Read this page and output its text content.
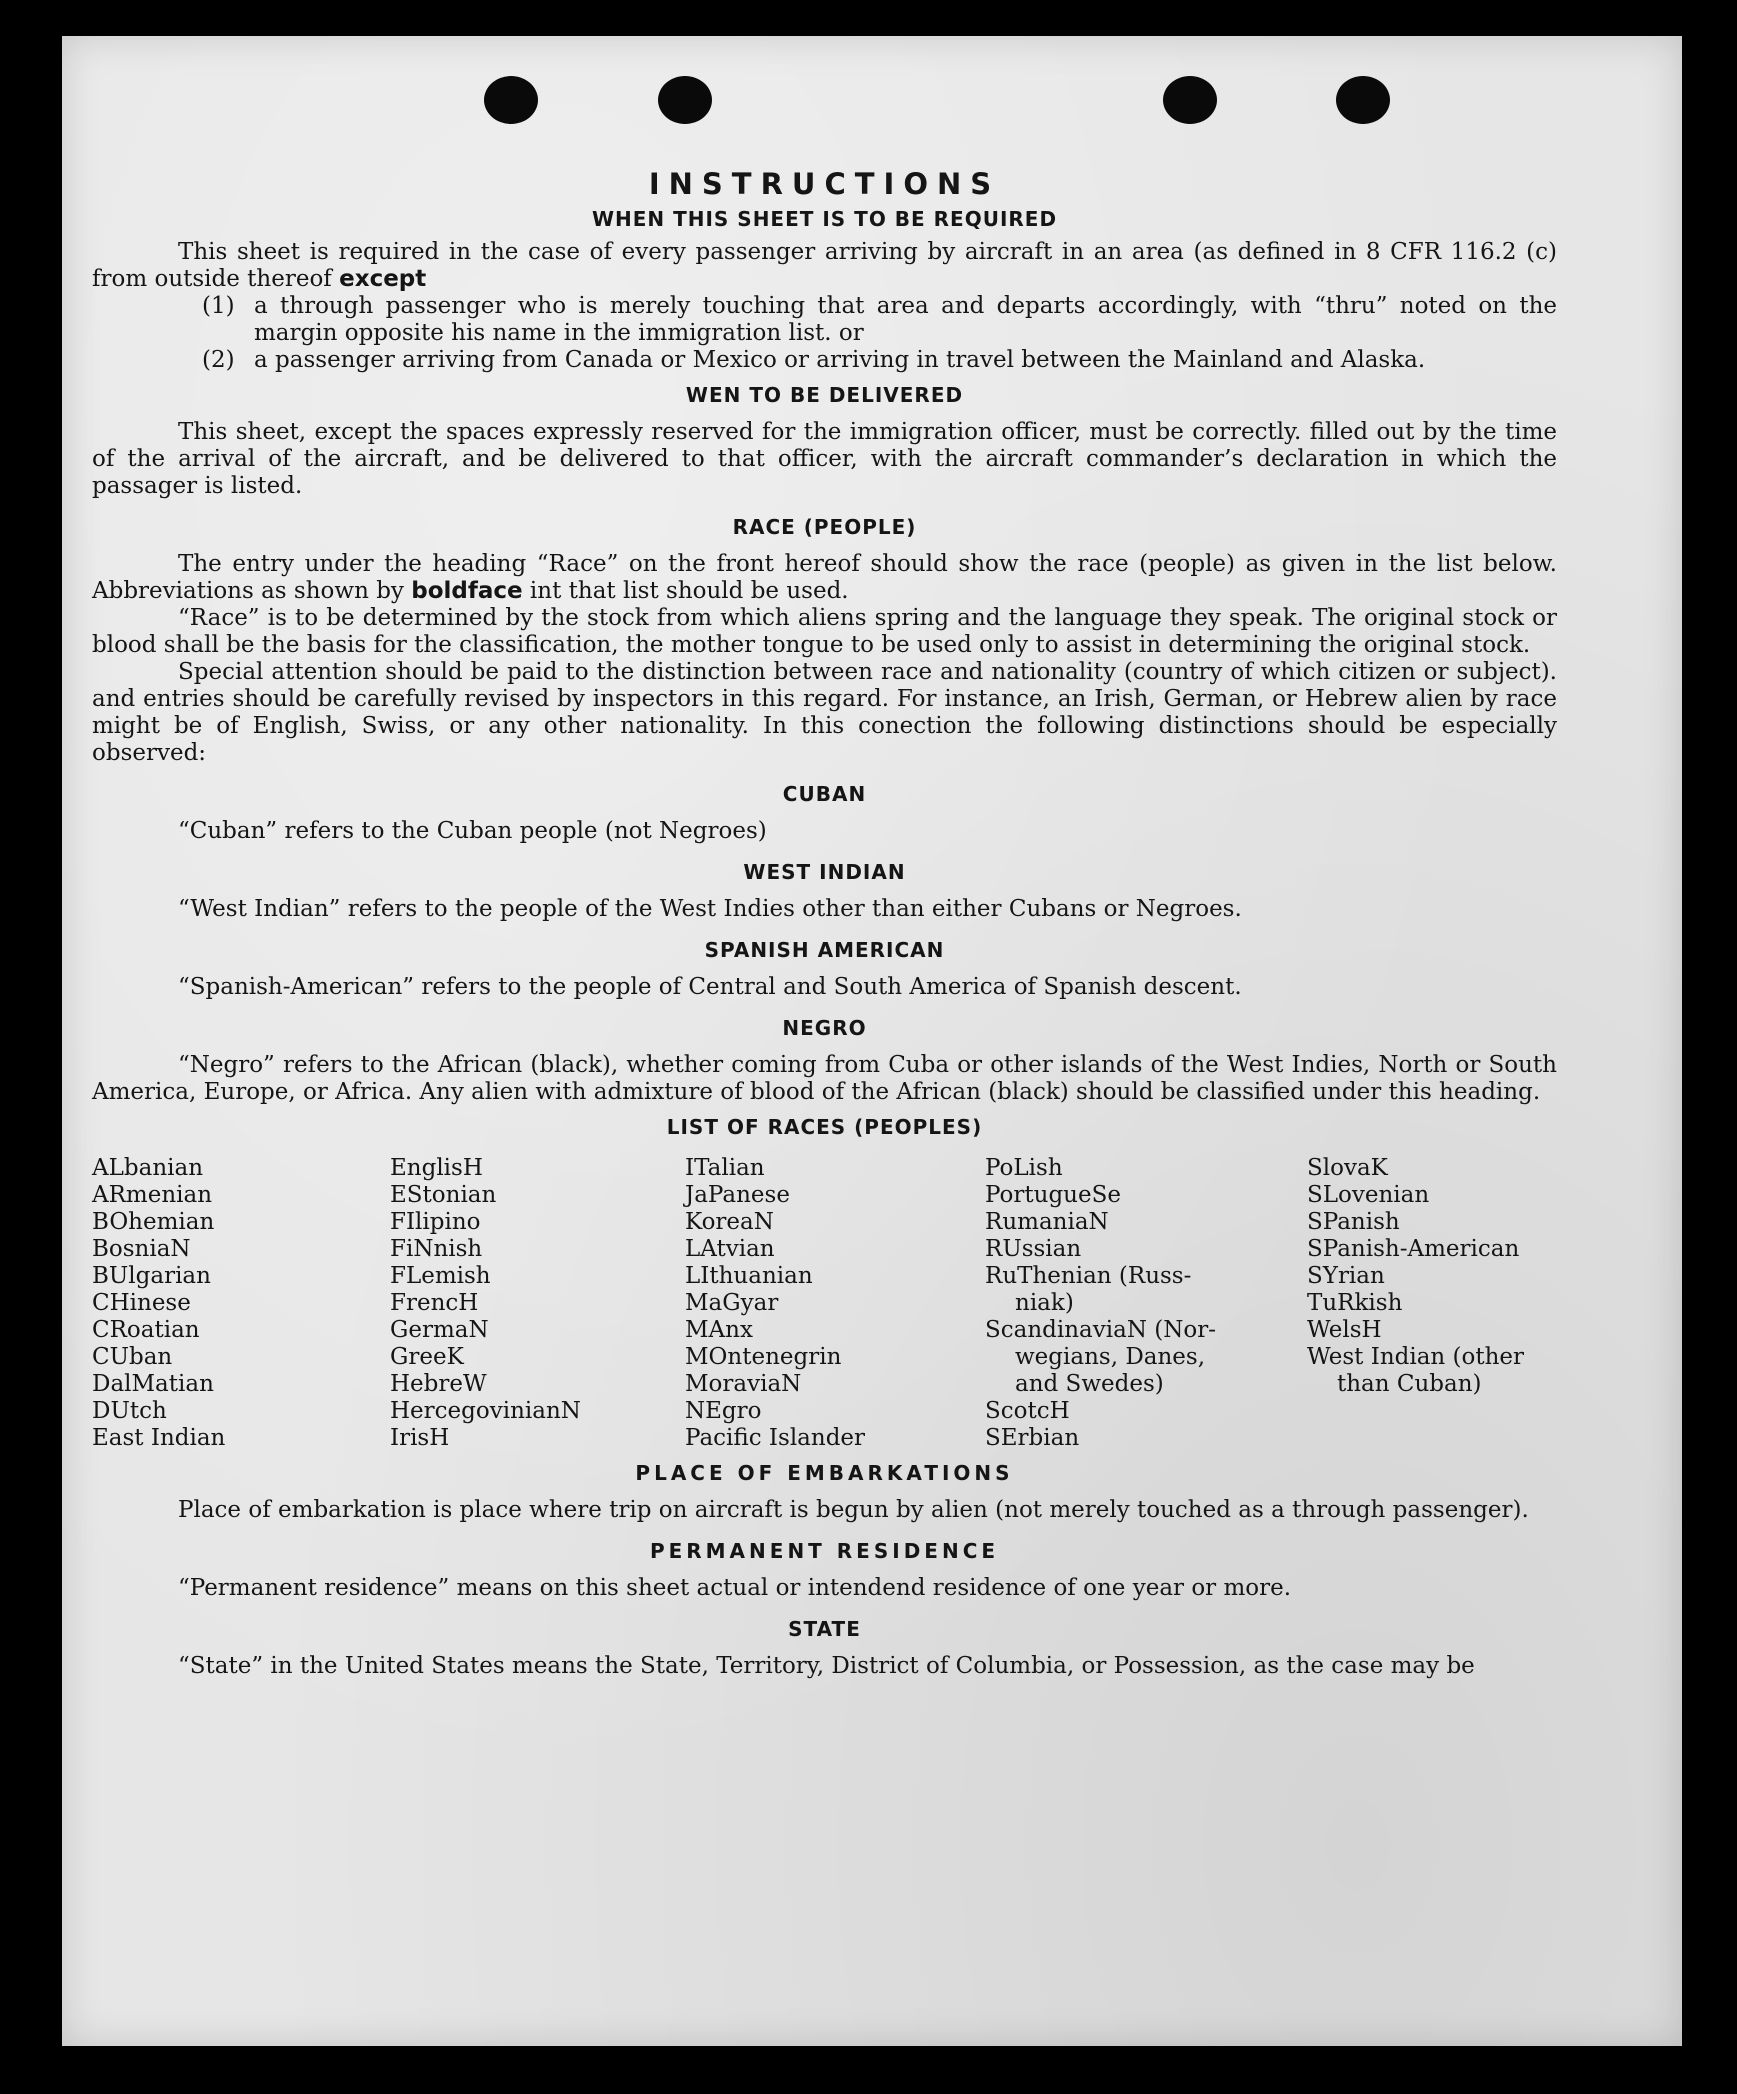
INSTRUCTIONS
WHEN THIS SHEET IS TO BE REQUIRED

This sheet is required in the case of every passenger arriving by aircraft in an area (as defined in 8 CFR 116.2 (c) from outside thereof except

(1) a through passenger who is merely touching that area and departs accordingly, with “thru” noted on the margin opposite his name in the immigration list. or
(2) a passenger arriving from Canada or Mexico or arriving in travel between the Mainland and Alaska.
WEN TO BE DELIVERED

This sheet, except the spaces expressly reserved for the immigration officer, must be correctly. filled out by the time of the arrival of the aircraft, and be delivered to that officer, with the aircraft commander’s declaration in which the passager is listed.

RACE (PEOPLE)

The entry under the heading “Race” on the front hereof should show the race (people) as given in the list below. Abbreviations as shown by boldface int that list should be used.

“Race” is to be determined by the stock from which aliens spring and the language they speak. The original stock or blood shall be the basis for the classification, the mother tongue to be used only to assist in determining the original stock.

Special attention should be paid to the distinction between race and nationality (country of which citizen or subject). and entries should be carefully revised by inspectors in this regard. For instance, an Irish, German, or Hebrew alien by race might be of English, Swiss, or any other nationality. In this conection the following distinctions should be especially observed:

CUBAN

“Cuban” refers to the Cuban people (not Negroes)

WEST INDIAN

“West Indian” refers to the people of the West Indies other than either Cubans or Negroes.

SPANISH AMERICAN

“Spanish-American” refers to the people of Central and South America of Spanish descent.

NEGRO

“Negro” refers to the African (black), whether coming from Cuba or other islands of the West Indies, North or South America, Europe, or Africa. Any alien with admixture of blood of the African (black) should be classified under this heading.

LIST OF RACES (PEOPLES)
ALbanian
ARmenian
BOhemian
BosniaN
BUlgarian
CHinese
CRoatian
CUban
DalMatian
DUtch
East Indian
EnglisH
EStonian
FIlipino
FiNnish
FLemish
FrencH
GermaN
GreeK
HebreW
HercegovinianN
IrisH
ITalian
JaPanese
KoreaN
LAtvian
LIthuanian
MaGyar
MAnx
MOntenegrin
MoraviaN
NEgro
Pacific Islander
PoLish
PortugueSe
RumaniaN
RUssian
RuThenian (Russ-
niak)
ScandinaviaN (Nor-
wegians, Danes,
and Swedes)
ScotcH
SErbian
SlovaK
SLovenian
SPanish
SPanish-American
SYrian
TuRkish
WelsH
West Indian (other
than Cuban)
PLACE OF EMBARKATIONS

Place of embarkation is place where trip on aircraft is begun by alien (not merely touched as a through passenger).

PERMANENT RESIDENCE

“Permanent residence” means on this sheet actual or intendend residence of one year or more.

STATE

“State” in the United States means the State, Territory, District of Columbia, or Possession, as the case may be
